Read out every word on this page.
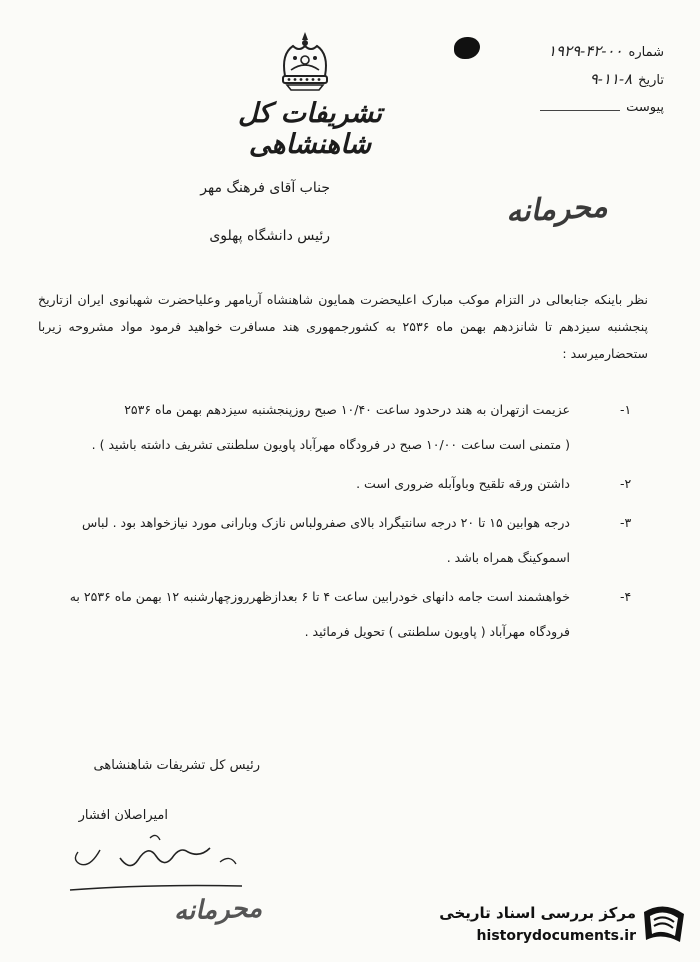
تشریفات کل شاهنشاهی
شماره
۱۹۲۹-۴۲-۰۰
تاریخ
۹-۱۱-۸
پیوست
محرمانه
جناب آقای فرهنگ مهر
رئیس دانشگاه پهلوی

نظر باینکه جنابعالی در التزام موکب مبارک اعلیحضرت همایون شاهنشاه آریامهر وعلیاحضرت شهبانوی ایران ازتاریخ پنجشنبه سیزدهم تا شانزدهم بهمن ماه ۲۵۳۶ به کشورجمهوری هند مسافرت خواهید فرمود مواد مشروحه زیربا ستحضارمیرسد :

۱-

عزیمت ازتهران به هند درحدود ساعت ۱۰/۴۰ صبح روزپنجشنبه سیزدهم بهمن ماه ۲۵۳۶

( متمنی است ساعت ۱۰/۰۰ صبح در فرودگاه مهرآباد پاویون سلطنتی تشریف داشته باشید ) .

۲-

داشتن ورقه تلقیح وباوآبله ضروری است .

۳-

درجه هوابین ۱۵ تا ۲۰ درجه سانتیگراد بالای صفرولباس نازک وبارانی مورد نیازخواهد بود . لباس اسموکینگ همراه باشد .

۴-

خواهشمند است جامه دانهای خودرابین ساعت ۴ تا ۶ بعدازظهرروزچهارشنبه ۱۲ بهمن ماه ۲۵۳۶ به فرودگاه مهرآباد ( پاویون سلطنتی ) تحویل فرمائید .

رئیس کل تشریفات شاهنشاهی
امیراصلان افشار
محرمانه	مرکز بررسی اسناد تاریخی
historydocuments.ir
